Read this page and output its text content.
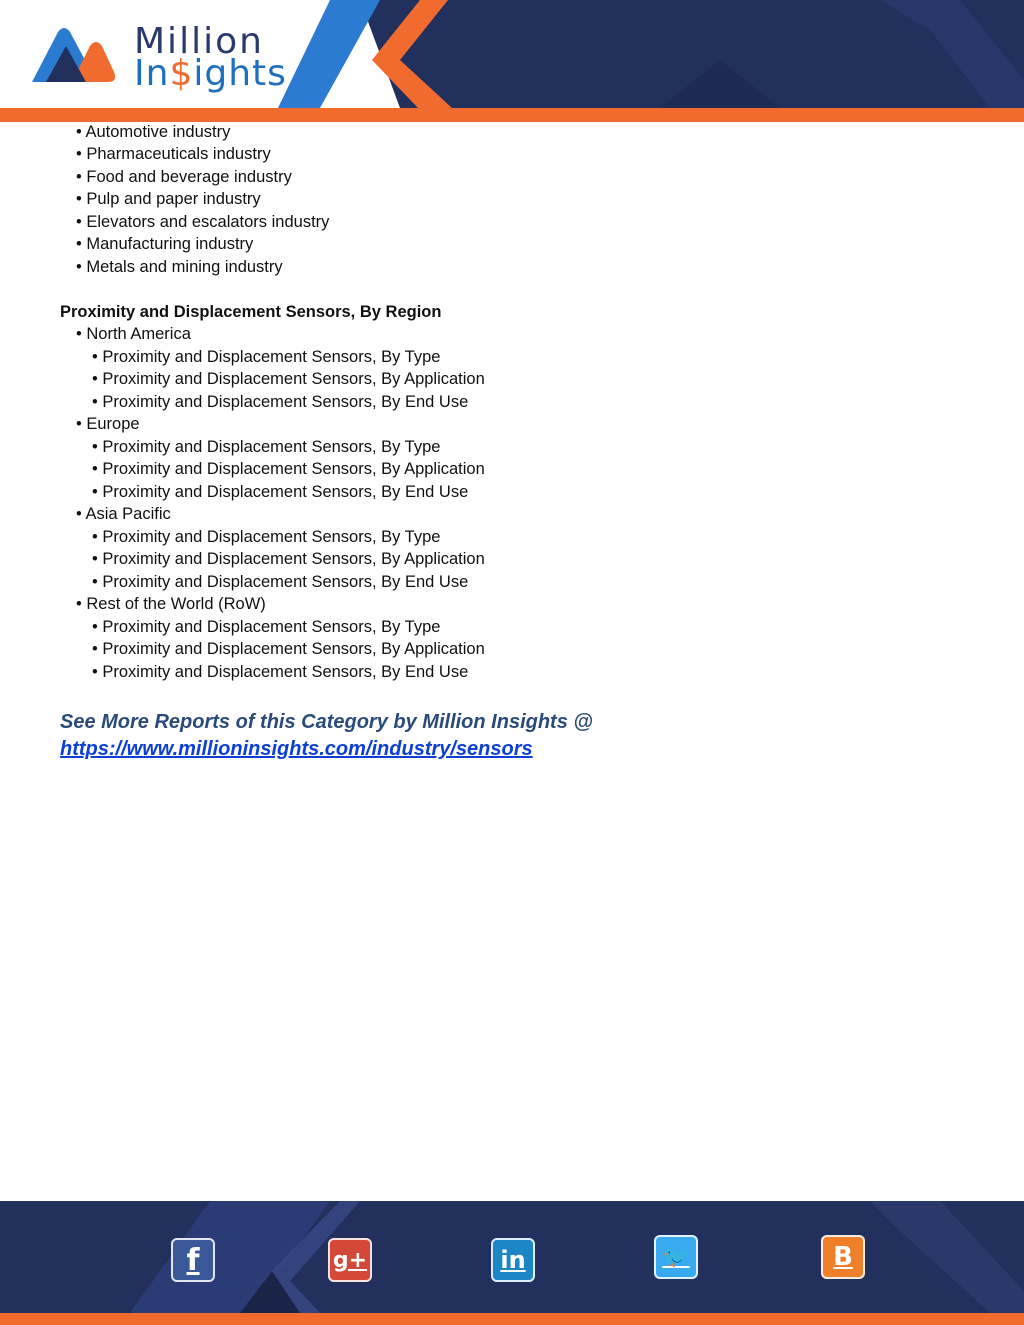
Million
In$ights
• Automotive industry
• Pharmaceuticals industry
• Food and beverage industry
• Pulp and paper industry
• Elevators and escalators industry
• Manufacturing industry
• Metals and mining industry
Proximity and Displacement Sensors, By Region
• North America
• Proximity and Displacement Sensors, By Type
• Proximity and Displacement Sensors, By Application
• Proximity and Displacement Sensors, By End Use
• Europe
• Proximity and Displacement Sensors, By Type
• Proximity and Displacement Sensors, By Application
• Proximity and Displacement Sensors, By End Use
• Asia Pacific
• Proximity and Displacement Sensors, By Type
• Proximity and Displacement Sensors, By Application
• Proximity and Displacement Sensors, By End Use
• Rest of the World (RoW)
• Proximity and Displacement Sensors, By Type
• Proximity and Displacement Sensors, By Application
• Proximity and Displacement Sensors, By End Use
See More Reports of this Category by Million Insights @
https://www.millioninsights.com/industry/sensors
f	g+	in	🐦	B
